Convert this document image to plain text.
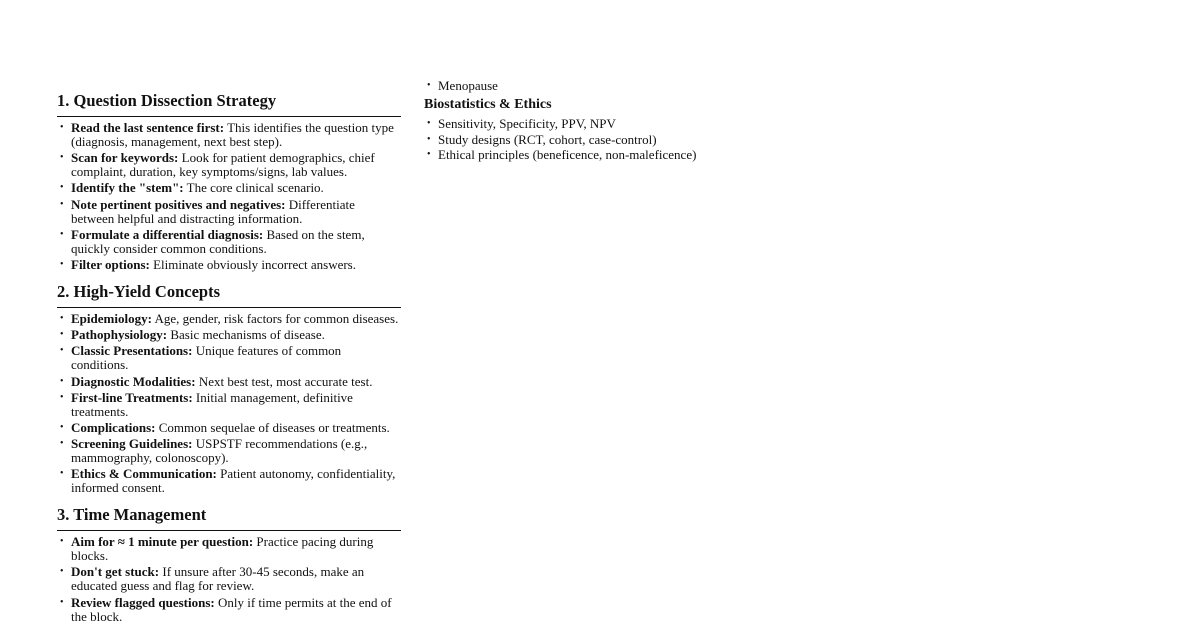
1. Question Dissection Strategy
• Read the last sentence first: This identifies the question type (diagnosis, management, next best step).
• Scan for keywords: Look for patient demographics, chief complaint, duration, key symptoms/signs, lab values.
• Identify the "stem": The core clinical scenario.
• Note pertinent positives and negatives: Differentiate between helpful and distracting information.
• Formulate a differential diagnosis: Based on the stem, quickly consider common conditions.
• Filter options: Eliminate obviously incorrect answers.
2. High-Yield Concepts
• Epidemiology: Age, gender, risk factors for common diseases.
• Pathophysiology: Basic mechanisms of disease.
• Classic Presentations: Unique features of common conditions.
• Diagnostic Modalities: Next best test, most accurate test.
• First-line Treatments: Initial management, definitive treatments.
• Complications: Common sequelae of diseases or treatments.
• Screening Guidelines: USPSTF recommendations (e.g., mammography, colonoscopy).
• Ethics & Communication: Patient autonomy, confidentiality, informed consent.
3. Time Management
• Aim for ≈ 1 minute per question: Practice pacing during blocks.
• Don't get stuck: If unsure after 30-45 seconds, make an educated guess and flag for review.
• Review flagged questions: Only if time permits at the end of the block.
• Menopause
Biostatistics & Ethics
• Sensitivity, Specificity, PPV, NPV
• Study designs (RCT, cohort, case-control)
• Ethical principles (beneficence, non-maleficence)
